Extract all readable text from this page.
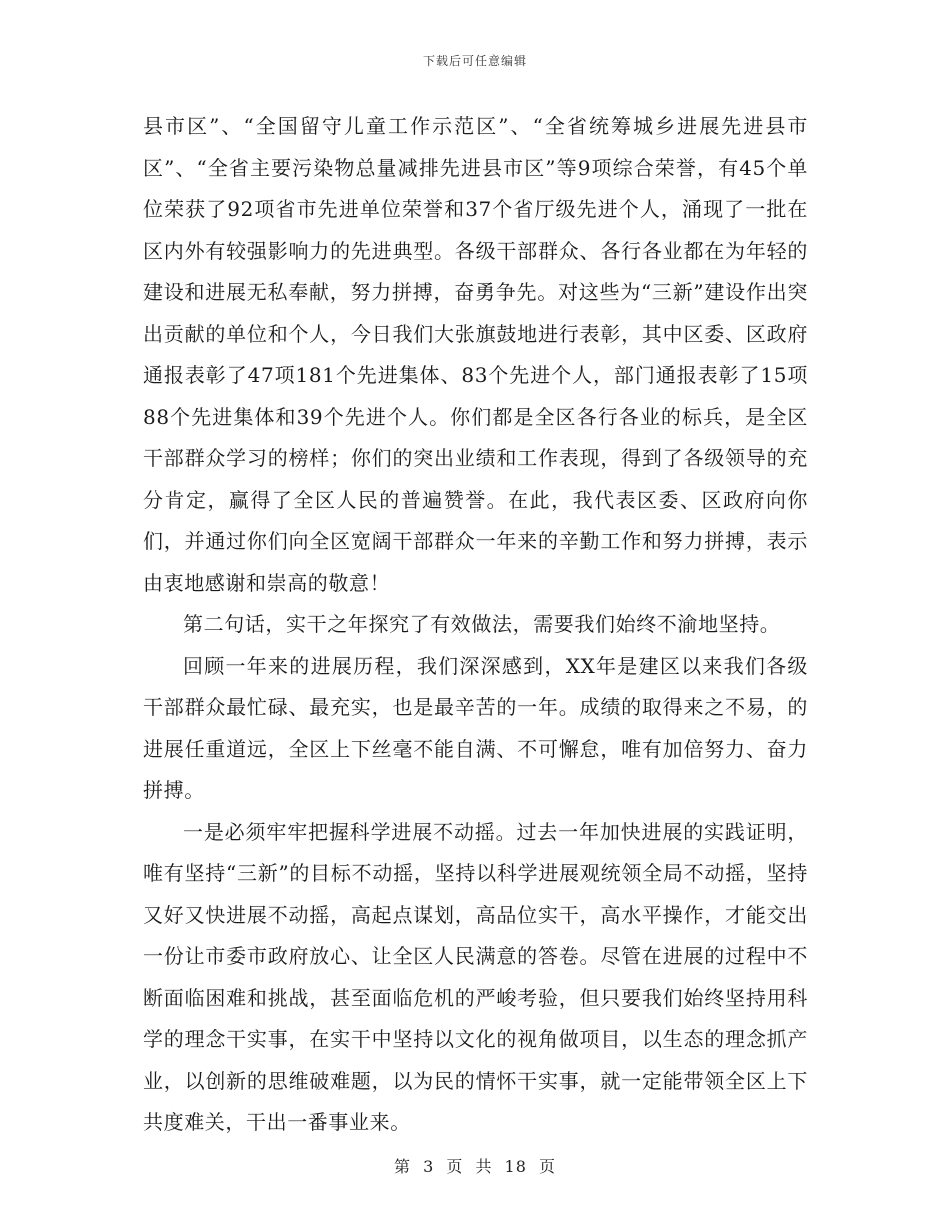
下载后可任意编辑

县市区”、“全国留守儿童工作示范区”、“全省统筹城乡进展先进县市区”、“全省主要污染物总量减排先进县市区”等9项综合荣誉，有45个单位荣获了92项省市先进单位荣誉和37个省厅级先进个人，涌现了一批在区内外有较强影响力的先进典型。各级干部群众、各行各业都在为年轻的建设和进展无私奉献，努力拼搏，奋勇争先。对这些为“三新”建设作出突出贡献的单位和个人，今日我们大张旗鼓地进行表彰，其中区委、区政府通报表彰了47项181个先进集体、83个先进个人，部门通报表彰了15项88个先进集体和39个先进个人。你们都是全区各行各业的标兵，是全区干部群众学习的榜样；你们的突出业绩和工作表现，得到了各级领导的充分肯定，赢得了全区人民的普遍赞誉。在此，我代表区委、区政府向你们，并通过你们向全区宽阔干部群众一年来的辛勤工作和努力拼搏，表示由衷地感谢和崇高的敬意！

第二句话，实干之年探究了有效做法，需要我们始终不渝地坚持。

回顾一年来的进展历程，我们深深感到，XX年是建区以来我们各级干部群众最忙碌、最充实，也是最辛苦的一年。成绩的取得来之不易，的进展任重道远，全区上下丝毫不能自满、不可懈怠，唯有加倍努力、奋力拼搏。

一是必须牢牢把握科学进展不动摇。过去一年加快进展的实践证明，唯有坚持“三新”的目标不动摇，坚持以科学进展观统领全局不动摇，坚持又好又快进展不动摇，高起点谋划，高品位实干，高水平操作，才能交出一份让市委市政府放心、让全区人民满意的答卷。尽管在进展的过程中不断面临困难和挑战，甚至面临危机的严峻考验，但只要我们始终坚持用科学的理念干实事，在实干中坚持以文化的视角做项目，以生态的理念抓产业，以创新的思维破难题，以为民的情怀干实事，就一定能带领全区上下共度难关，干出一番事业来。

第 3 页 共 18 页
